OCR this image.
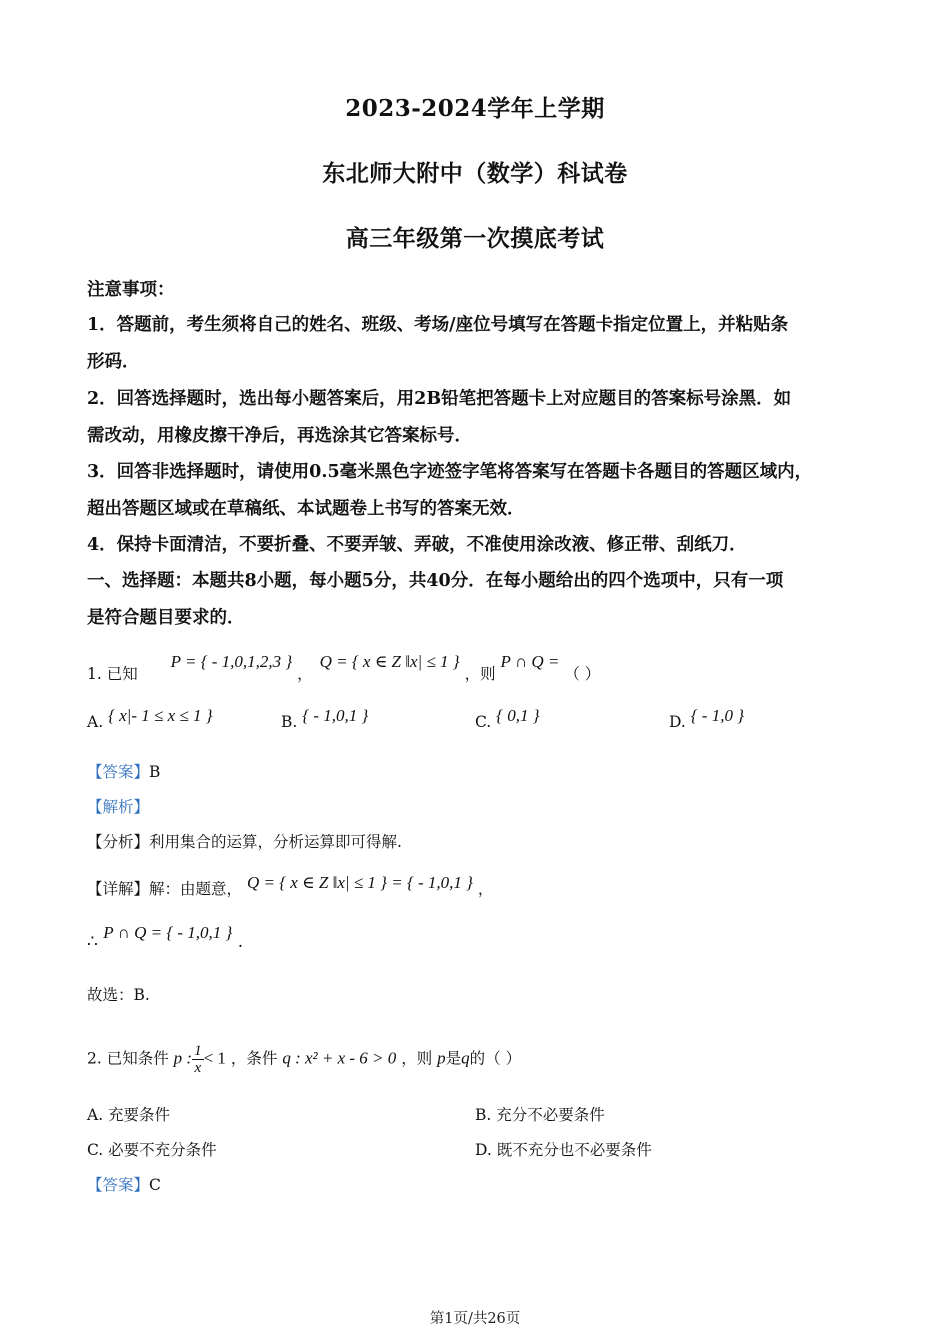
2023-2024学年上学期
东北师大附中（数学）科试卷
高三年级第一次摸底考试
注意事项：
1．答题前，考生须将自己的姓名、班级、考场/座位号填写在答题卡指定位置上，并粘贴条
形码．
2．回答选择题时，选出每小题答案后，用2B铅笔把答题卡上对应题目的答案标号涂黑．如
需改动，用橡皮擦干净后，再选涂其它答案标号．
3．回答非选择题时，请使用0.5毫米黑色字迹签字笔将答案写在答题卡各题目的答题区域内，
超出答题区域或在草稿纸、本试题卷上书写的答案无效．
4．保持卡面清洁，不要折叠、不要弄皱、弄破，不准使用涂改液、修正带、刮纸刀．
一、选择题：本题共8小题，每小题5分，共40分．在每小题给出的四个选项中，只有一项
是符合题目要求的．
1. 已知 P = { - 1,0,1,2,3 } ， Q = { x ∈ Z ‖x| ≤ 1 } ，则 P ∩ Q = （ ）
A. { x|- 1 ≤ x ≤ 1 }	B. { - 1,0,1 }	C. { 0,1 }	D. { - 1,0 }
【答案】B
【解析】
【分析】利用集合的运算，分析运算即可得解.
【详解】解：由题意， Q = { x ∈ Z ‖x| ≤ 1 } = { - 1,0,1 } ，
∴ P ∩ Q = { - 1,0,1 } .
故选：B.
2. 已知条件 p : $\frac{1}{x} < 1$ ，条件 q : x² + x - 6 > 0 ，则 p是q的（ ）
A. 充要条件	B. 充分不必要条件
C. 必要不充分条件	D. 既不充分也不必要条件
【答案】C
第1页/共26页
